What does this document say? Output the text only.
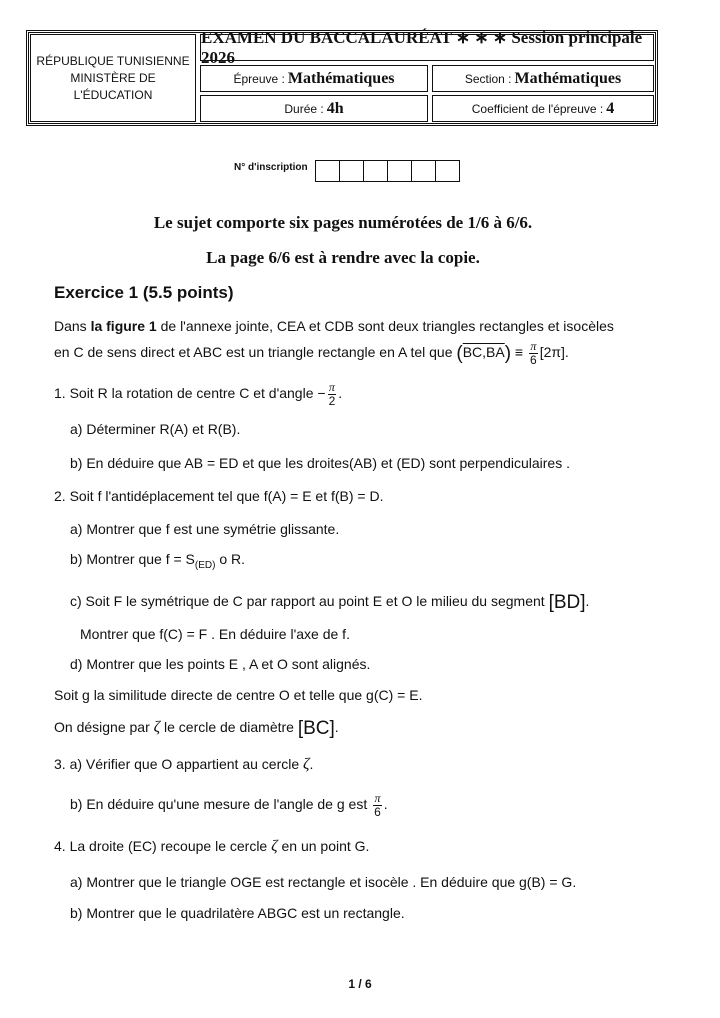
RÉPUBLIQUE TUNISIENNE
MINISTÈRE DE L'ÉDUCATION
EXAMEN DU BACCALAURÉAT ∗ ∗ ∗ Session principale 2026
Épreuve : Mathématiques	Section : Mathématiques
Durée : 4h	Coefficient de l'épreuve : 4
N° d'inscription
Le sujet comporte six pages numérotées de 1/6 à 6/6.
La page 6/6 est à rendre avec la copie.
Exercice 1 (5.5 points)
Dans la figure 1 de l'annexe jointe, CEA et CDB sont deux triangles rectangles et isocèles
en C de sens direct et ABC est un triangle rectangle en A tel que $(BC,BA) \equiv \frac{\pi}{6} [2\pi]$.
1. Soit R la rotation de centre C et d'angle − $\frac{\pi}{2}$ .
a) Déterminer R(A) et R(B).
b) En déduire que AB = ED et que les droites(AB) et (ED) sont perpendiculaires .
2. Soit f l'antidéplacement tel que f(A) = E et f(B) = D.
a) Montrer que f est une symétrie glissante.
b) Montrer que $f = S_{(ED)}$ o R.
c) Soit F le symétrique de C par rapport au point E et O le milieu du segment [BD].
Montrer que f(C) = F . En déduire l'axe de f.
d) Montrer que les points E , A et O sont alignés.
Soit g la similitude directe de centre O et telle que g(C) = E.
On désigne par ζ le cercle de diamètre [BC].
3. a) Vérifier que O appartient au cercle ζ.
b) En déduire qu'une mesure de l'angle de g est $\frac{\pi}{6}$ .
4. La droite (EC) recoupe le cercle ζ en un point G.
a) Montrer que le triangle OGE est rectangle et isocèle . En déduire que g(B) = G.
b) Montrer que le quadrilatère ABGC est un rectangle.
1 / 6
